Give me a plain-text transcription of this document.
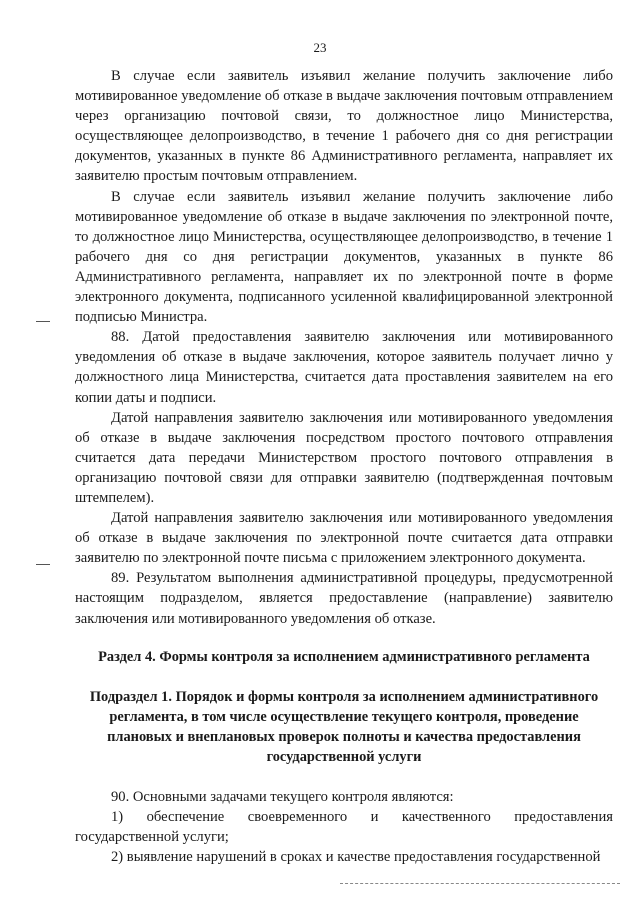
23

В случае если заявитель изъявил желание получить заключение либо мотивированное уведомление об отказе в выдаче заключения почтовым отправлением через организацию почтовой связи, то должностное лицо Министерства, осуществляющее делопроизводство, в течение 1 рабочего дня со дня регистрации документов, указанных в пункте 86 Административного регламента, направляет их заявителю простым почтовым отправлением.

В случае если заявитель изъявил желание получить заключение либо мотивированное уведомление об отказе в выдаче заключения по электронной почте, то должностное лицо Министерства, осуществляющее делопроизводство, в течение 1 рабочего дня со дня регистрации документов, указанных в пункте 86 Административного регламента, направляет их по электронной почте в форме электронного документа, подписанного усиленной квалифицированной электронной подписью Министра.

88. Датой предоставления заявителю заключения или мотивированного уведомления об отказе в выдаче заключения, которое заявитель получает лично у должностного лица Министерства, считается дата проставления заявителем на его копии даты и подписи.

Датой направления заявителю заключения или мотивированного уведомления об отказе в выдаче заключения посредством простого почтового отправления считается дата передачи Министерством простого почтового отправления в организацию почтовой связи для отправки заявителю (подтвержденная почтовым штемпелем).

Датой направления заявителю заключения или мотивированного уведомления об отказе в выдаче заключения по электронной почте считается дата отправки заявителю по электронной почте письма с приложением электронного документа.

89. Результатом выполнения административной процедуры, предусмотренной настоящим подразделом, является предоставление (направление) заявителю заключения или мотивированного уведомления об отказе.

Раздел 4. Формы контроля за исполнением административного регламента
Подраздел 1. Порядок и формы контроля за исполнением административного
регламента, в том числе осуществление текущего контроля, проведение
плановых и внеплановых проверок полноты и качества предоставления
государственной услуги

90. Основными задачами текущего контроля являются:

1) обеспечение своевременного и качественного предоставления государственной услуги;

2) выявление нарушений в сроках и качестве предоставления государственной
